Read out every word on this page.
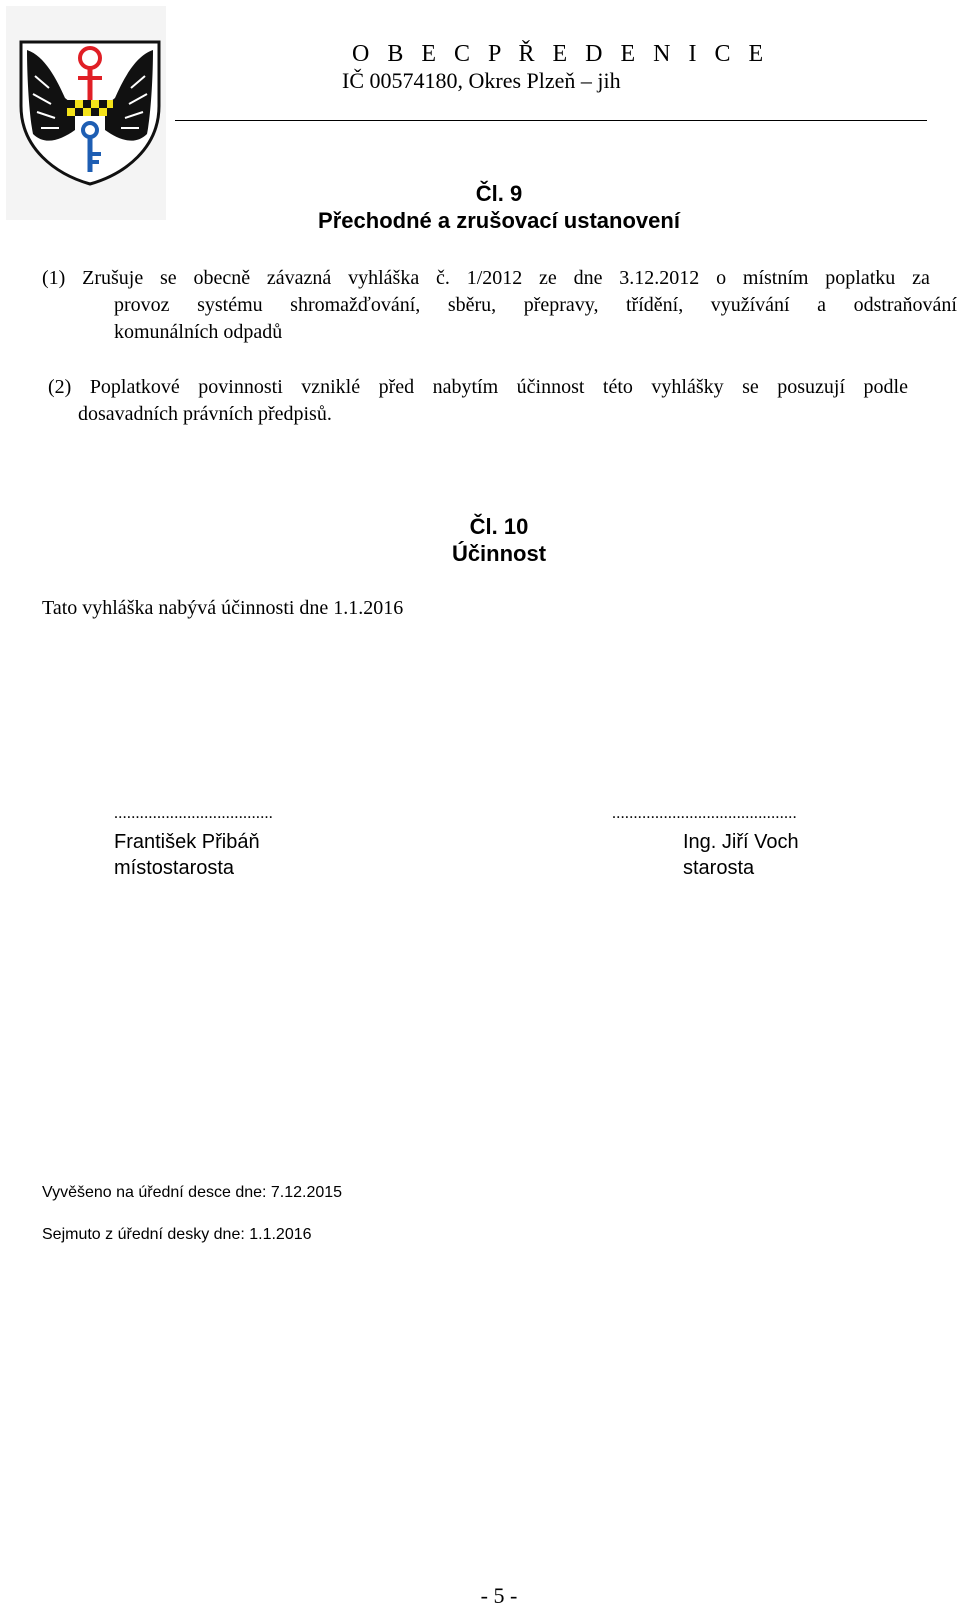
O B E C P Ř E D E N I C E
IČ 00574180, Okres Plzeň – jih
Čl. 9
Přechodné a zrušovací ustanovení
(1) Zrušuje se obecně závazná vyhláška č. 1/2012 ze dne 3.12.2012 o místním poplatku za
provoz systému shromažďování, sběru, přepravy, třídění, využívání a odstraňování
komunálních odpadů
(2) Poplatkové povinnosti vzniklé před nabytím účinnost této vyhlášky se posuzují podle
dosavadních právních předpisů.
Čl. 10
Účinnost
Tato vyhláška nabývá účinnosti dne 1.1.2016
.....................................
František Přibáň
místostarosta
...........................................
Ing. Jiří Voch
starosta
Vyvěšeno na úřední desce dne: 7.12.2015
Sejmuto z úřední desky dne: 1.1.2016
- 5 -
